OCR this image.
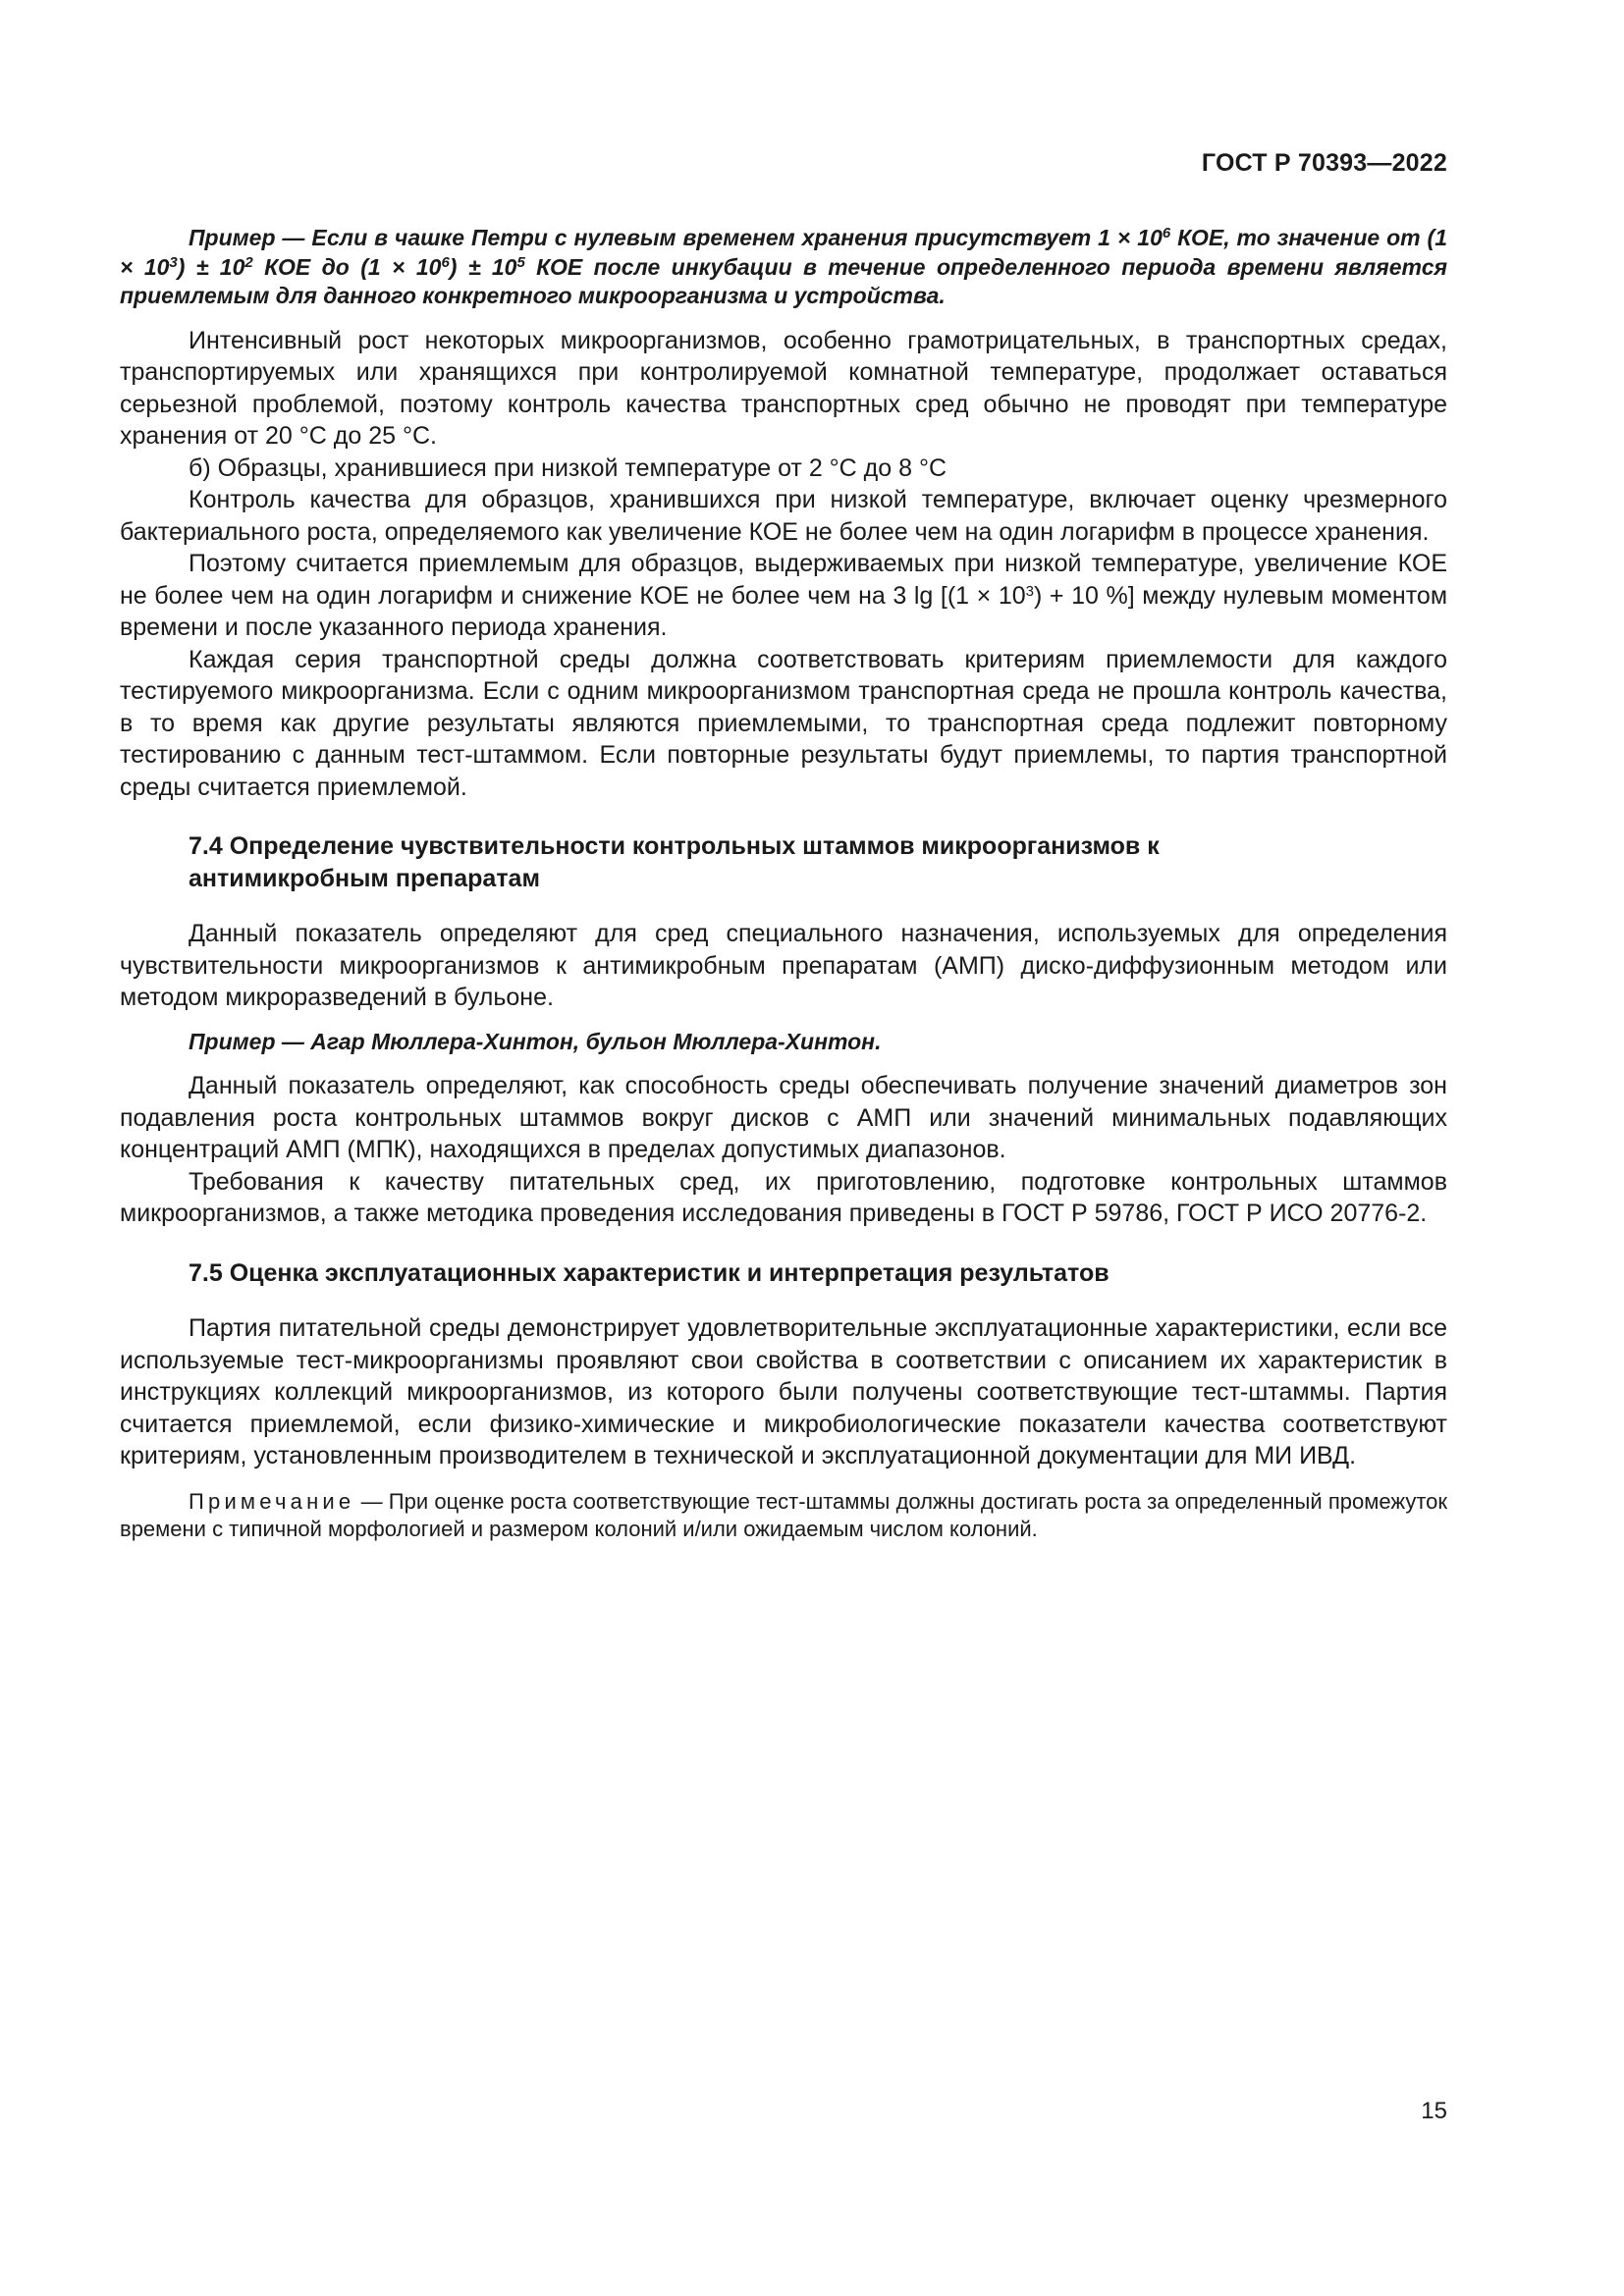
ГОСТ Р 70393—2022

Пример — Если в чашке Петри с нулевым временем хранения присутствует $1 \times 10^6$ КОЕ, то значение от $(1 \times 10^3) \pm 10^2$ КОЕ до $(1 \times 10^6) \pm 10^5$ КОЕ после инкубации в течение определенного периода времени является приемлемым для данного конкретного микроорганизма и устройства.

Интенсивный рост некоторых микроорганизмов, особенно грамотрицательных, в транспортных средах, транспортируемых или хранящихся при контролируемой комнатной температуре, продолжает оставаться серьезной проблемой, поэтому контроль качества транспортных сред обычно не проводят при температуре хранения от 20 °С до 25 °С.

б) Образцы, хранившиеся при низкой температуре от 2 °С до 8 °С

Контроль качества для образцов, хранившихся при низкой температуре, включает оценку чрезмерного бактериального роста, определяемого как увеличение КОЕ не более чем на один логарифм в процессе хранения.

Поэтому считается приемлемым для образцов, выдерживаемых при низкой температуре, увеличение КОЕ не более чем на один логарифм и снижение КОЕ не более чем на 3 $\lg [(1 \times 10^3) + 10$ %] между нулевым моментом времени и после указанного периода хранения.

Каждая серия транспортной среды должна соответствовать критериям приемлемости для каждого тестируемого микроорганизма. Если с одним микроорганизмом транспортная среда не прошла контроль качества, в то время как другие результаты являются приемлемыми, то транспортная среда подлежит повторному тестированию с данным тест-штаммом. Если повторные результаты будут приемлемы, то партия транспортной среды считается приемлемой.

7.4 Определение чувствительности контрольных штаммов микроорганизмов к
антимикробным препаратам

Данный показатель определяют для сред специального назначения, используемых для определения чувствительности микроорганизмов к антимикробным препаратам (АМП) диско-диффузионным методом или методом микроразведений в бульоне.

Пример — Агар Мюллера-Хинтон, бульон Мюллера-Хинтон.

Данный показатель определяют, как способность среды обеспечивать получение значений диаметров зон подавления роста контрольных штаммов вокруг дисков с АМП или значений минимальных подавляющих концентраций АМП (МПК), находящихся в пределах допустимых диапазонов.

Требования к качеству питательных сред, их приготовлению, подготовке контрольных штаммов микроорганизмов, а также методика проведения исследования приведены в ГОСТ Р 59786, ГОСТ Р ИСО 20776-2.

7.5 Оценка эксплуатационных характеристик и интерпретация результатов

Партия питательной среды демонстрирует удовлетворительные эксплуатационные характеристики, если все используемые тест-микроорганизмы проявляют свои свойства в соответствии с описанием их характеристик в инструкциях коллекций микроорганизмов, из которого были получены соответствующие тест-штаммы. Партия считается приемлемой, если физико-химические и микробиологические показатели качества соответствуют критериям, установленным производителем в технической и эксплуатационной документации для МИ ИВД.

Примечание — При оценке роста соответствующие тест-штаммы должны достигать роста за определенный промежуток времени с типичной морфологией и размером колоний и/или ожидаемым числом колоний.

15
